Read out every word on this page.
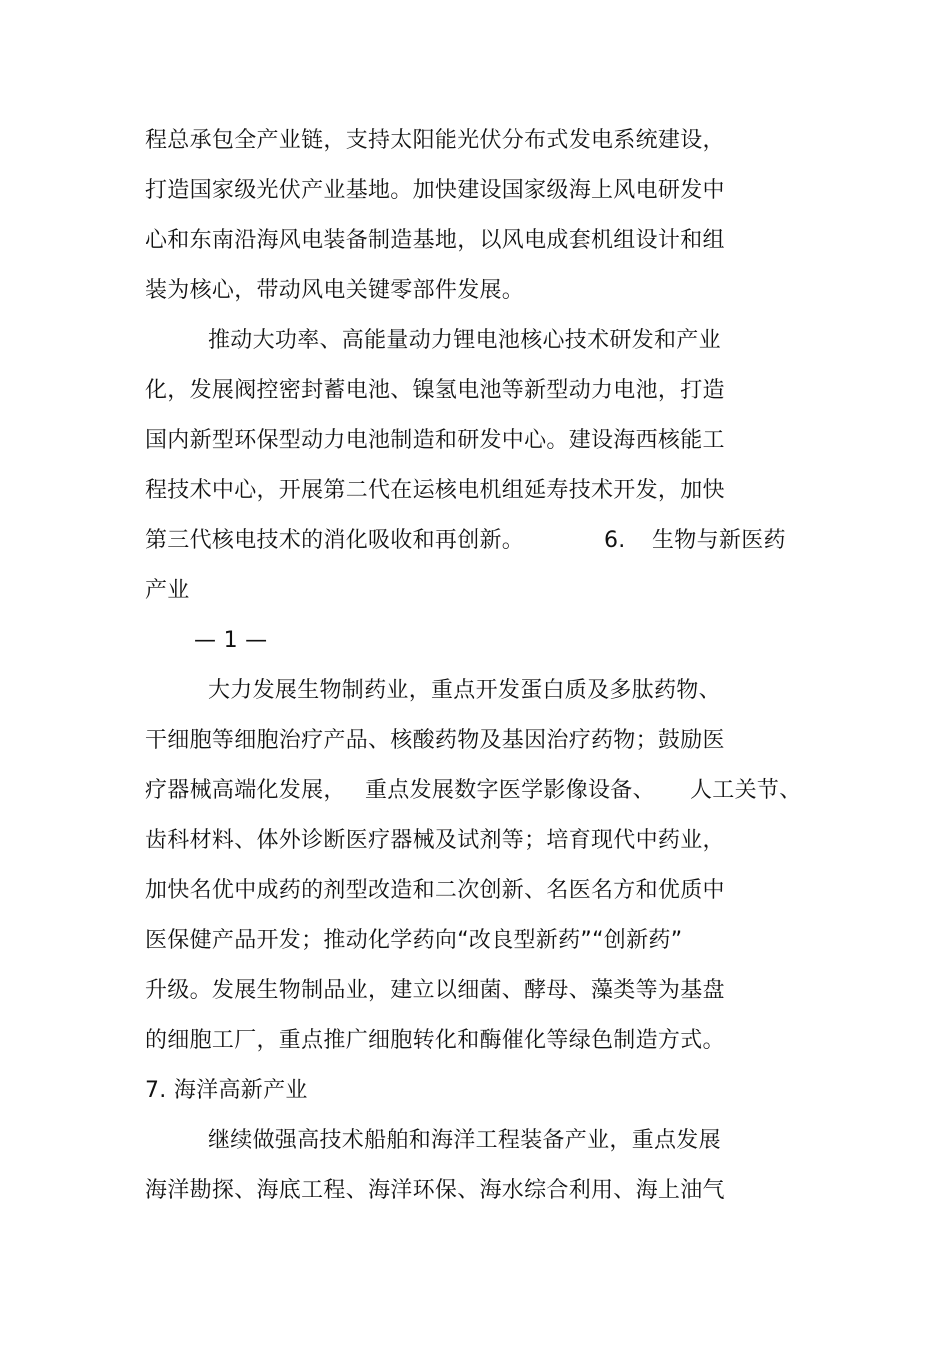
程总承包全产业链，支持太阳能光伏分布式发电系统建设，
打造国家级光伏产业基地。加快建设国家级海上风电研发中
心和东南沿海风电装备制造基地，以风电成套机组设计和组
装为核心，带动风电关键零部件发展。
推动大功率、高能量动力锂电池核心技术研发和产业
化，发展阀控密封蓄电池、镍氢电池等新型动力电池，打造
国内新型环保型动力电池制造和研发中心。建设海西核能工
程技术中心，开展第二代在运核电机组延寿技术开发，加快
第三代核电技术的消化吸收和再创新。	6. 生物与新医药
产业
— 1 —
大力发展生物制药业，重点开发蛋白质及多肽药物、
干细胞等细胞治疗产品、核酸药物及基因治疗药物；鼓励医
疗器械高端化发展， 重点发展数字医学影像设备、 人工关节、
齿科材料、体外诊断医疗器械及试剂等；培育现代中药业，
加快名优中成药的剂型改造和二次创新、名医名方和优质中
医保健产品开发；推动化学药向“改良型新药”“创新药”
升级。发展生物制品业，建立以细菌、酵母、藻类等为基盘
的细胞工厂，重点推广细胞转化和酶催化等绿色制造方式。
7. 海洋高新产业
继续做强高技术船舶和海洋工程装备产业，重点发展
海洋勘探、海底工程、海洋环保、海水综合利用、海上油气
